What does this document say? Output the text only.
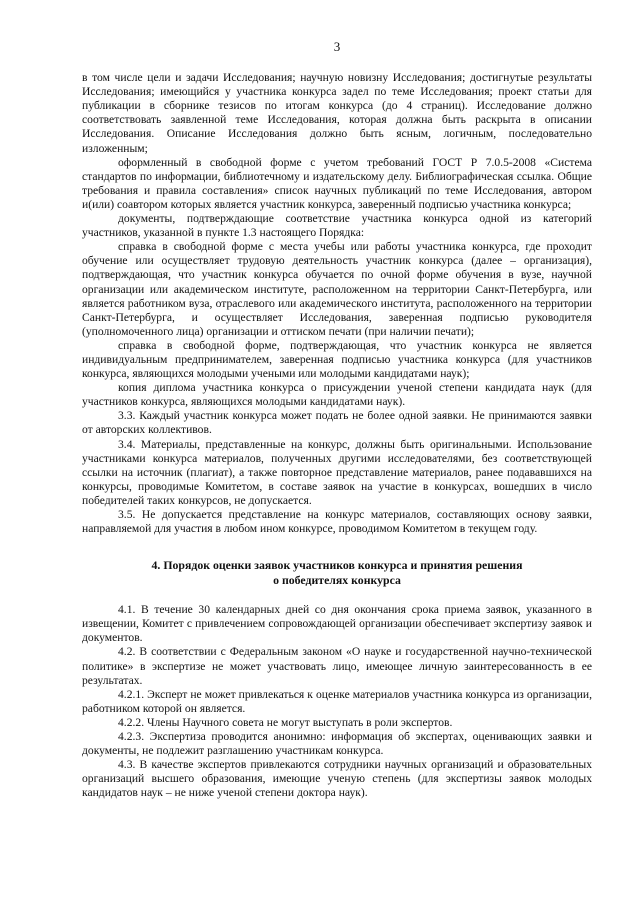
3

в том числе цели и задачи Исследования; научную новизну Исследования; достигнутые результаты Исследования; имеющийся у участника конкурса задел по теме Исследования; проект статьи для публикации в сборнике тезисов по итогам конкурса (до 4 страниц). Исследование должно соответствовать заявленной теме Исследования, которая должна быть раскрыта в описании Исследования. Описание Исследования должно быть ясным, логичным, последовательно изложенным;

оформленный в свободной форме с учетом требований ГОСТ Р 7.0.5-2008 «Система стандартов по информации, библиотечному и издательскому делу. Библиографическая ссылка. Общие требования и правила составления» список научных публикаций по теме Исследования, автором и(или) соавтором которых является участник конкурса, заверенный подписью участника конкурса;

документы, подтверждающие соответствие участника конкурса одной из категорий участников, указанной в пункте 1.3 настоящего Порядка:

справка в свободной форме с места учебы или работы участника конкурса, где проходит обучение или осуществляет трудовую деятельность участник конкурса (далее – организация), подтверждающая, что участник конкурса обучается по очной форме обучения в вузе, научной организации или академическом институте, расположенном на территории Санкт-Петербурга, или является работником вуза, отраслевого или академического института, расположенного на территории Санкт-Петербурга, и осуществляет Исследования, заверенная подписью руководителя (уполномоченного лица) организации и оттиском печати (при наличии печати);

справка в свободной форме, подтверждающая, что участник конкурса не является индивидуальным предпринимателем, заверенная подписью участника конкурса (для участников конкурса, являющихся молодыми учеными или молодыми кандидатами наук);

копия диплома участника конкурса о присуждении ученой степени кандидата наук (для участников конкурса, являющихся молодыми кандидатами наук).

3.3. Каждый участник конкурса может подать не более одной заявки. Не принимаются заявки от авторских коллективов.

3.4. Материалы, представленные на конкурс, должны быть оригинальными. Использование участниками конкурса материалов, полученных другими исследователями, без соответствующей ссылки на источник (плагиат), а также повторное представление материалов, ранее подававшихся на конкурсы, проводимые Комитетом, в составе заявок на участие в конкурсах, вошедших в число победителей таких конкурсов, не допускается.

3.5. Не допускается представление на конкурс материалов, составляющих основу заявки, направляемой для участия в любом ином конкурсе, проводимом Комитетом в текущем году.

4. Порядок оценки заявок участников конкурса и принятия решения

о победителях конкурса

4.1. В течение 30 календарных дней со дня окончания срока приема заявок, указанного в извещении, Комитет с привлечением сопровождающей организации обеспечивает экспертизу заявок и документов.

4.2. В соответствии с Федеральным законом «О науке и государственной научно-технической политике» в экспертизе не может участвовать лицо, имеющее личную заинтересованность в ее результатах.

4.2.1. Эксперт не может привлекаться к оценке материалов участника конкурса из организации, работником которой он является.

4.2.2. Члены Научного совета не могут выступать в роли экспертов.

4.2.3. Экспертиза проводится анонимно: информация об экспертах, оценивающих заявки и документы, не подлежит разглашению участникам конкурса.

4.3. В качестве экспертов привлекаются сотрудники научных организаций и образовательных организаций высшего образования, имеющие ученую степень (для экспертизы заявок молодых кандидатов наук – не ниже ученой степени доктора наук).
